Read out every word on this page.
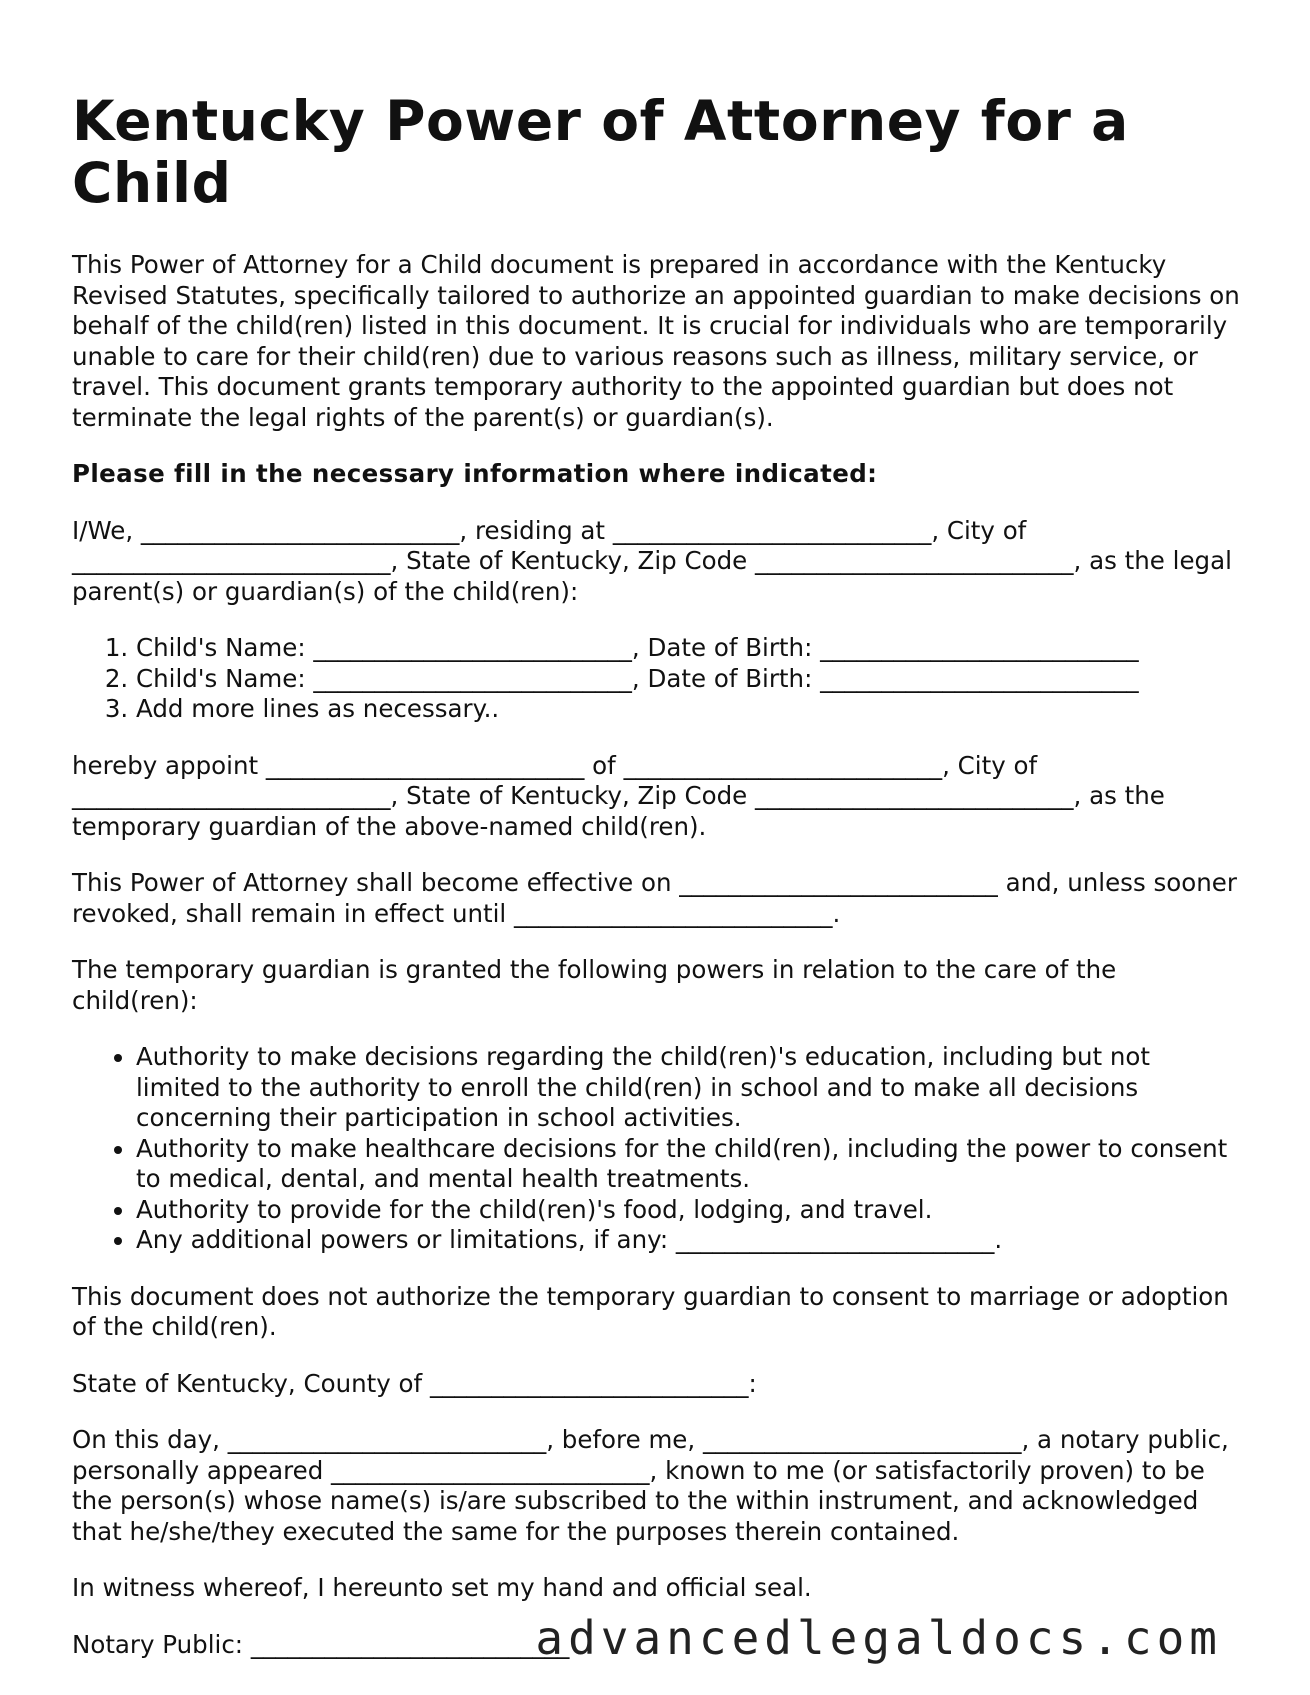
Kentucky Power of Attorney for a Child

This Power of Attorney for a Child document is prepared in accordance with the Kentucky Revised Statutes, specifically tailored to authorize an appointed guardian to make decisions on behalf of the child(ren) listed in this document. It is crucial for individuals who are temporarily unable to care for their child(ren) due to various reasons such as illness, military service, or travel. This document grants temporary authority to the appointed guardian but does not terminate the legal rights of the parent(s) or guardian(s).

Please fill in the necessary information where indicated:

I/We, __________________________, residing at __________________________, City of __________________________, State of Kentucky, Zip Code __________________________, as the legal parent(s) or guardian(s) of the child(ren):

1. Child's Name: __________________________, Date of Birth: __________________________
2. Child's Name: __________________________, Date of Birth: __________________________
3. Add more lines as necessary..

hereby appoint __________________________ of __________________________, City of __________________________, State of Kentucky, Zip Code __________________________, as the temporary guardian of the above-named child(ren).

This Power of Attorney shall become effective on __________________________ and, unless sooner revoked, shall remain in effect until __________________________.

The temporary guardian is granted the following powers in relation to the care of the child(ren):

• Authority to make decisions regarding the child(ren)'s education, including but not limited to the authority to enroll the child(ren) in school and to make all decisions concerning their participation in school activities.
• Authority to make healthcare decisions for the child(ren), including the power to consent to medical, dental, and mental health treatments.
• Authority to provide for the child(ren)'s food, lodging, and travel.
• Any additional powers or limitations, if any: __________________________.

This document does not authorize the temporary guardian to consent to marriage or adoption of the child(ren).

State of Kentucky, County of __________________________:

On this day, __________________________, before me, __________________________, a notary public, personally appeared __________________________, known to me (or satisfactorily proven) to be the person(s) whose name(s) is/are subscribed to the within instrument, and acknowledged that he/she/they executed the same for the purposes therein contained.

In witness whereof, I hereunto set my hand and official seal.

Notary Public: __________________________

advancedlegaldocs.com
